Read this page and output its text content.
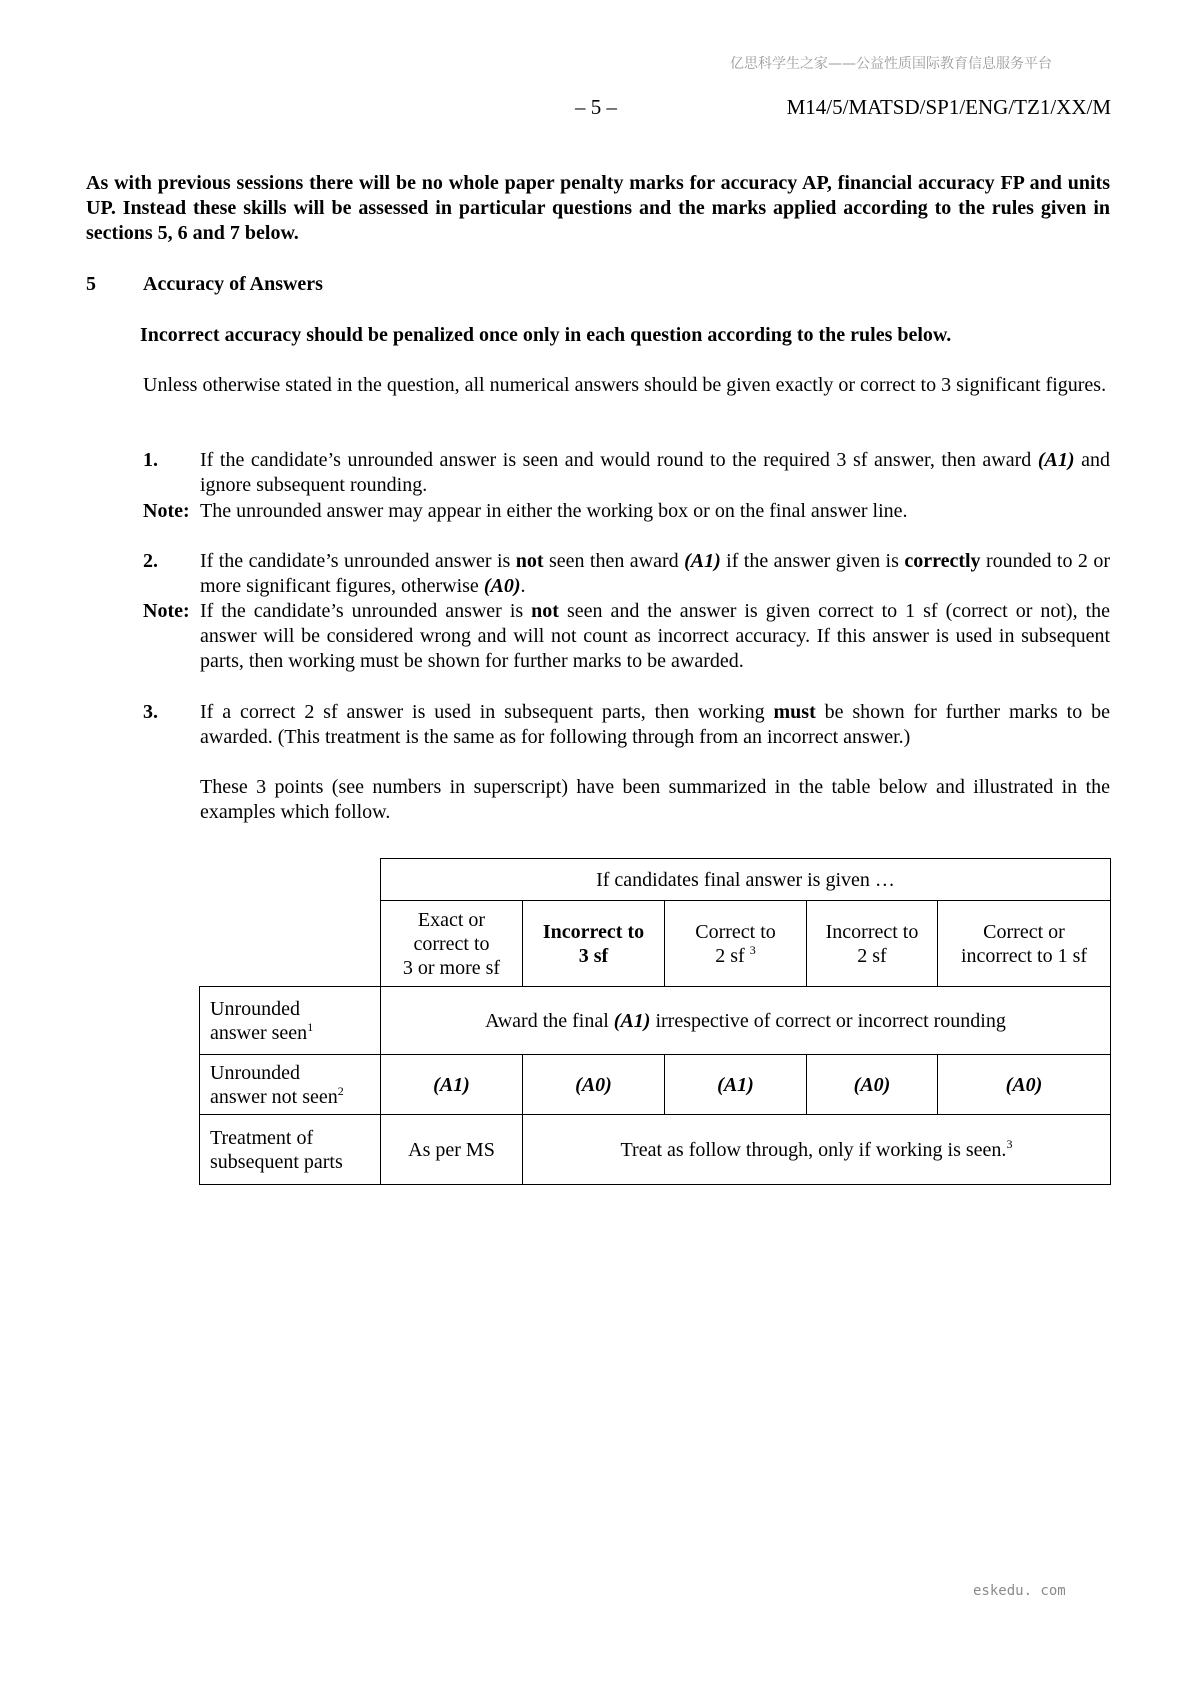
亿思科学生之家——公益性质国际教育信息服务平台
– 5 –	M14/5/MATSD/SP1/ENG/TZ1/XX/M
As with previous sessions there will be no whole paper penalty marks for accuracy AP, financial accuracy FP and units UP. Instead these skills will be assessed in particular questions and the marks applied according to the rules given in sections 5, 6 and 7 below.
5 Accuracy of Answers
Incorrect accuracy should be penalized once only in each question according to the rules below.
Unless otherwise stated in the question, all numerical answers should be given exactly or correct to 3 significant figures.
1. If the candidate’s unrounded answer is seen and would round to the required 3 sf answer, then award (A1) and ignore subsequent rounding.
Note: The unrounded answer may appear in either the working box or on the final answer line.
2. If the candidate’s unrounded answer is not seen then award (A1) if the answer given is correctly rounded to 2 or more significant figures, otherwise (A0).
Note: If the candidate’s unrounded answer is not seen and the answer is given correct to 1 sf (correct or not), the answer will be considered wrong and will not count as incorrect accuracy. If this answer is used in subsequent parts, then working must be shown for further marks to be awarded.
3. If a correct 2 sf answer is used in subsequent parts, then working must be shown for further marks to be awarded. (This treatment is the same as for following through from an incorrect answer.)
These 3 points (see numbers in superscript) have been summarized in the table below and illustrated in the examples which follow.
	If candidates final answer is given …				
	Exact or
correct to
3 or more sf	Incorrect to
3 sf	Correct to
2 sf $^3$	Incorrect to
2 sf	Correct or
incorrect to 1 sf
Unrounded
answer seen$^1$	Award the final (A1) irrespective of correct or incorrect rounding				
Unrounded
answer not seen$^2$	(A1)	(A0)	(A1)	(A0)	(A0)
Treatment of
subsequent parts	As per MS	Treat as follow through, only if working is seen.$^3$
eskedu. com
